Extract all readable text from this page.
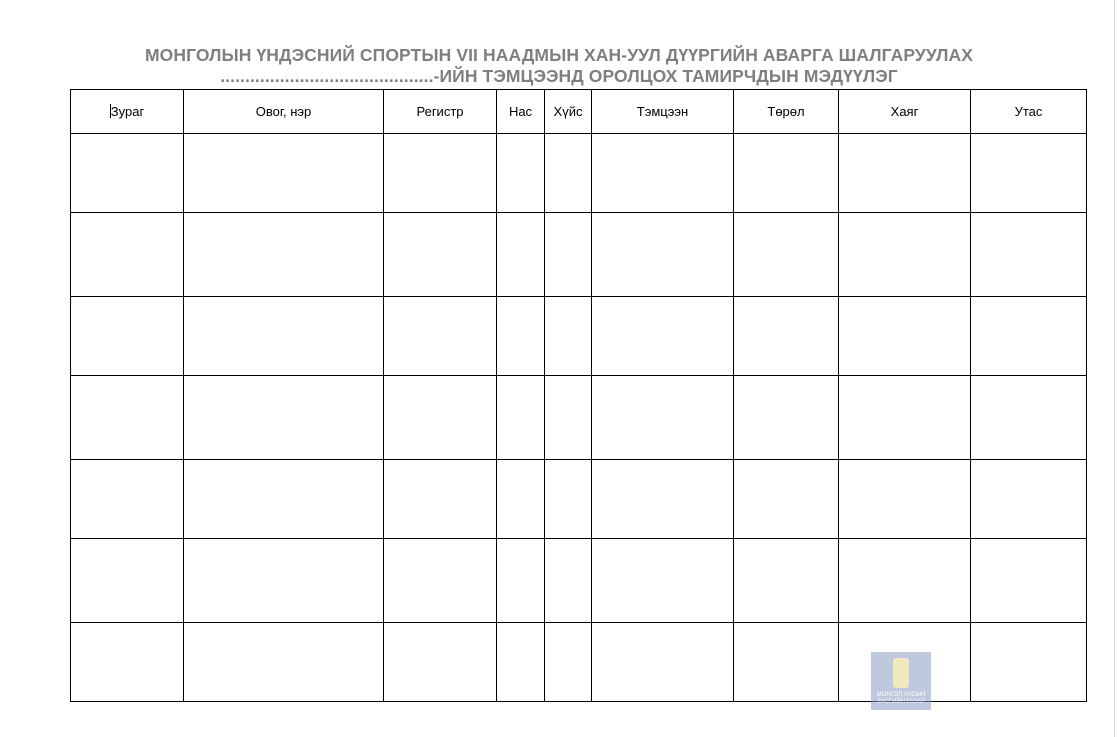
МОНГОЛЫН ҮНДЭСНИЙ СПОРТЫН VII НААДМЫН ХАН-УУЛ ДҮҮРГИЙН АВАРГА ШАЛГАРУУЛАХ
...........................................-ИЙН ТЭМЦЭЭНД ОРОЛЦОХ ТАМИРЧДЫН МЭДҮҮЛЭГ
Зураг	Овог, нэр	Регистр	Нас	Хүйс	Тэмцээн	Төрөл	Хаяг	Утас

МОНГОЛ УЛСЫН ЗАСГИЙН ГАЗАР
